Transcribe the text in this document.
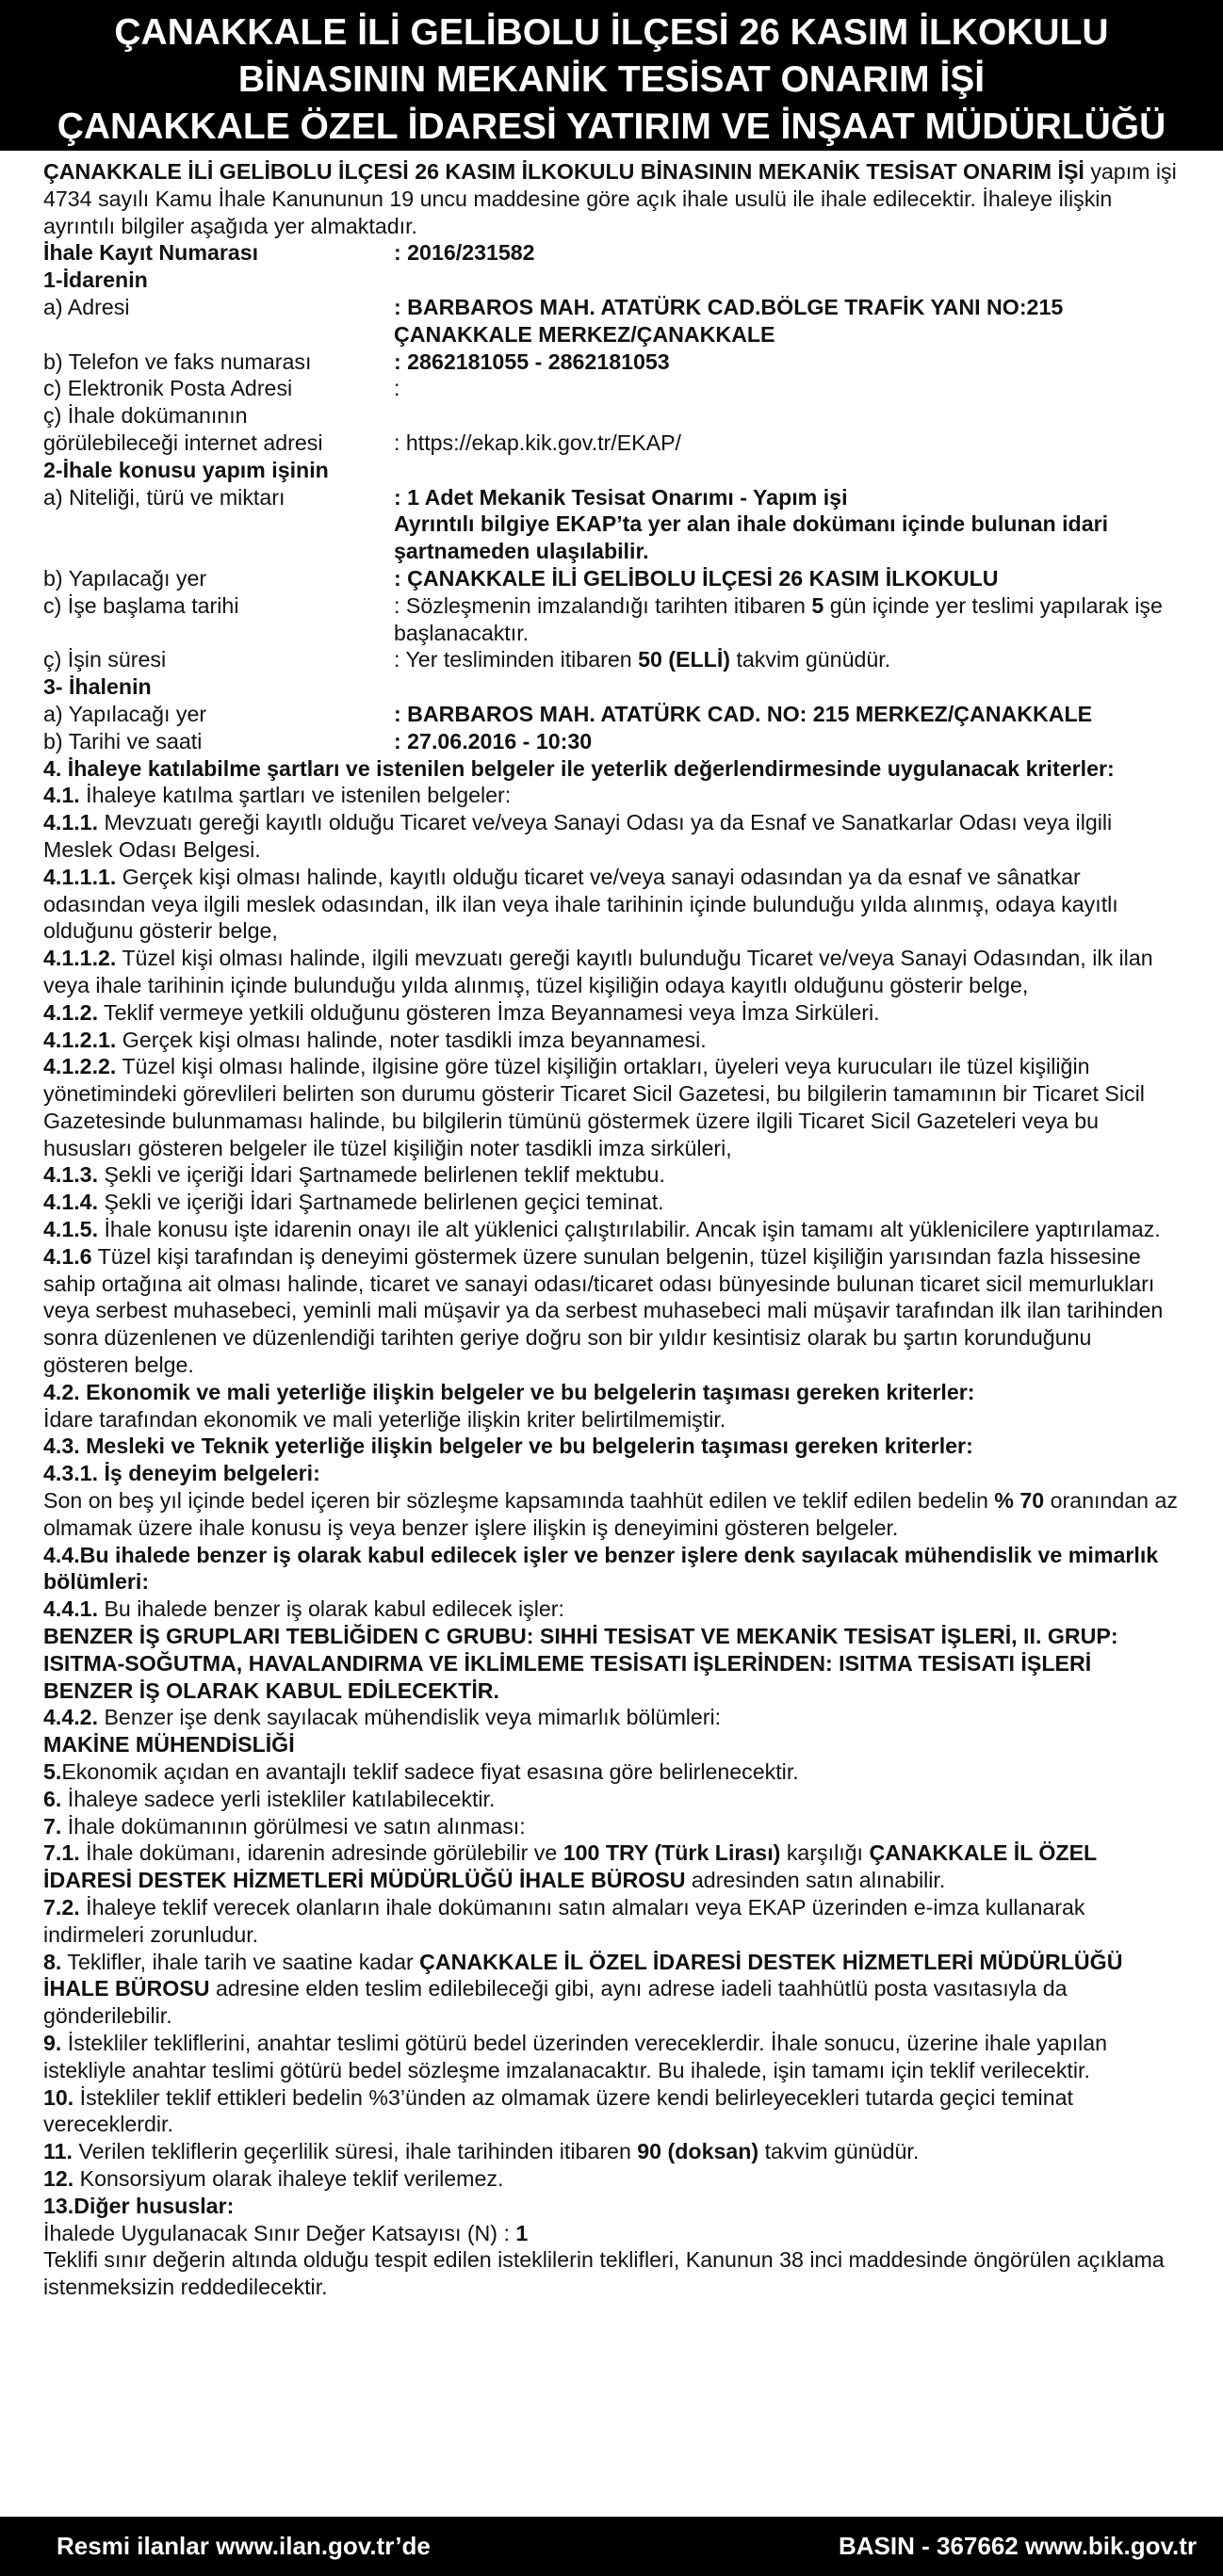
ÇANAKKALE İLİ GELİBOLU İLÇESİ 26 KASIM İLKOKULU
BİNASININ MEKANİK TESİSAT ONARIM İŞİ
ÇANAKKALE ÖZEL İDARESİ YATIRIM VE İNŞAAT MÜDÜRLÜĞÜ

ÇANAKKALE İLİ GELİBOLU İLÇESİ 26 KASIM İLKOKULU BİNASININ MEKANİK TESİSAT ONARIM İŞİ yapım işi 4734 sayılı Kamu İhale Kanununun 19 uncu maddesine göre açık ihale usulü ile ihale edilecektir. İhaleye ilişkin ayrıntılı bilgiler aşağıda yer almaktadır.

İhale Kayıt Numarası	: 2016/231582

1-İdarenin

a) Adresi	: BARBAROS MAH. ATATÜRK CAD.BÖLGE TRAFİK YANI NO:215 ÇANAKKALE MERKEZ/ÇANAKKALE
b) Telefon ve faks numarası	: 2862181055 - 2862181053
c) Elektronik Posta Adresi	:

ç) İhale dokümanının

görülebileceği internet adresi	: https://ekap.kik.gov.tr/EKAP/

2-İhale konusu yapım işinin

a) Niteliği, türü ve miktarı	: 1 Adet Mekanik Tesisat Onarımı - Yapım işi
Ayrıntılı bilgiye EKAP’ta yer alan ihale dokümanı içinde bulunan idari şartnameden ulaşılabilir.
b) Yapılacağı yer	: ÇANAKKALE İLİ GELİBOLU İLÇESİ 26 KASIM İLKOKULU
c) İşe başlama tarihi	: Sözleşmenin imzalandığı tarihten itibaren 5 gün içinde yer teslimi yapılarak işe başlanacaktır.
ç) İşin süresi	: Yer tesliminden itibaren 50 (ELLİ) takvim günüdür.

3- İhalenin

a) Yapılacağı yer	: BARBAROS MAH. ATATÜRK CAD. NO: 215 MERKEZ/ÇANAKKALE
b) Tarihi ve saati	: 27.06.2016 - 10:30

4. İhaleye katılabilme şartları ve istenilen belgeler ile yeterlik değerlendirmesinde uygulanacak kriterler:

4.1. İhaleye katılma şartları ve istenilen belgeler:

4.1.1. Mevzuatı gereği kayıtlı olduğu Ticaret ve/veya Sanayi Odası ya da Esnaf ve Sanatkarlar Odası veya ilgili Meslek Odası Belgesi.

4.1.1.1. Gerçek kişi olması halinde, kayıtlı olduğu ticaret ve/veya sanayi odasından ya da esnaf ve sânatkar odasından veya ilgili meslek odasından, ilk ilan veya ihale tarihinin içinde bulunduğu yılda alınmış, odaya kayıtlı olduğunu gösterir belge,

4.1.1.2. Tüzel kişi olması halinde, ilgili mevzuatı gereği kayıtlı bulunduğu Ticaret ve/veya Sanayi Odasından, ilk ilan veya ihale tarihinin içinde bulunduğu yılda alınmış, tüzel kişiliğin odaya kayıtlı olduğunu gösterir belge,

4.1.2. Teklif vermeye yetkili olduğunu gösteren İmza Beyannamesi veya İmza Sirküleri.

4.1.2.1. Gerçek kişi olması halinde, noter tasdikli imza beyannamesi.

4.1.2.2. Tüzel kişi olması halinde, ilgisine göre tüzel kişiliğin ortakları, üyeleri veya kurucuları ile tüzel kişiliğin yönetimindeki görevlileri belirten son durumu gösterir Ticaret Sicil Gazetesi, bu bilgilerin tamamının bir Ticaret Sicil Gazetesinde bulunmaması halinde, bu bilgilerin tümünü göstermek üzere ilgili Ticaret Sicil Gazeteleri veya bu hususları gösteren belgeler ile tüzel kişiliğin noter tasdikli imza sirküleri,

4.1.3. Şekli ve içeriği İdari Şartnamede belirlenen teklif mektubu.

4.1.4. Şekli ve içeriği İdari Şartnamede belirlenen geçici teminat.

4.1.5. İhale konusu işte idarenin onayı ile alt yüklenici çalıştırılabilir. Ancak işin tamamı alt yüklenicilere yaptırılamaz.

4.1.6 Tüzel kişi tarafından iş deneyimi göstermek üzere sunulan belgenin, tüzel kişiliğin yarısından fazla hissesine sahip ortağına ait olması halinde, ticaret ve sanayi odası/ticaret odası bünyesinde bulunan ticaret sicil memurlukları veya serbest muhasebeci, yeminli mali müşavir ya da serbest muhasebeci mali müşavir tarafından ilk ilan tarihinden sonra düzenlenen ve düzenlendiği tarihten geriye doğru son bir yıldır kesintisiz olarak bu şartın korunduğunu gösteren belge.

4.2. Ekonomik ve mali yeterliğe ilişkin belgeler ve bu belgelerin taşıması gereken kriterler:

İdare tarafından ekonomik ve mali yeterliğe ilişkin kriter belirtilmemiştir.

4.3. Mesleki ve Teknik yeterliğe ilişkin belgeler ve bu belgelerin taşıması gereken kriterler:

4.3.1. İş deneyim belgeleri:

Son on beş yıl içinde bedel içeren bir sözleşme kapsamında taahhüt edilen ve teklif edilen bedelin % 70 oranından az olmamak üzere ihale konusu iş veya benzer işlere ilişkin iş deneyimini gösteren belgeler.

4.4.Bu ihalede benzer iş olarak kabul edilecek işler ve benzer işlere denk sayılacak mühendislik ve mimarlık bölümleri:

4.4.1. Bu ihalede benzer iş olarak kabul edilecek işler:

BENZER İŞ GRUPLARI TEBLİĞİDEN C GRUBU: SIHHİ TESİSAT VE MEKANİK TESİSAT İŞLERİ, II. GRUP: ISITMA-SOĞUTMA, HAVALANDIRMA VE İKLİMLEME TESİSATI İŞLERİNDEN: ISITMA TESİSATI İŞLERİ BENZER İŞ OLARAK KABUL EDİLECEKTİR.

4.4.2. Benzer işe denk sayılacak mühendislik veya mimarlık bölümleri:

MAKİNE MÜHENDİSLİĞİ

5.Ekonomik açıdan en avantajlı teklif sadece fiyat esasına göre belirlenecektir.

6. İhaleye sadece yerli istekliler katılabilecektir.

7. İhale dokümanının görülmesi ve satın alınması:

7.1. İhale dokümanı, idarenin adresinde görülebilir ve 100 TRY (Türk Lirası) karşılığı ÇANAKKALE İL ÖZEL İDARESİ DESTEK HİZMETLERİ MÜDÜRLÜĞÜ İHALE BÜROSU adresinden satın alınabilir.

7.2. İhaleye teklif verecek olanların ihale dokümanını satın almaları veya EKAP üzerinden e-imza kullanarak indirmeleri zorunludur.

8. Teklifler, ihale tarih ve saatine kadar ÇANAKKALE İL ÖZEL İDARESİ DESTEK HİZMETLERİ MÜDÜRLÜĞÜ İHALE BÜROSU adresine elden teslim edilebileceği gibi, aynı adrese iadeli taahhütlü posta vasıtasıyla da gönderilebilir.

9. İstekliler tekliflerini, anahtar teslimi götürü bedel üzerinden vereceklerdir. İhale sonucu, üzerine ihale yapılan istekliyle anahtar teslimi götürü bedel sözleşme imzalanacaktır. Bu ihalede, işin tamamı için teklif verilecektir.

10. İstekliler teklif ettikleri bedelin %3’ünden az olmamak üzere kendi belirleyecekleri tutarda geçici teminat vereceklerdir.

11. Verilen tekliflerin geçerlilik süresi, ihale tarihinden itibaren 90 (doksan) takvim günüdür.

12. Konsorsiyum olarak ihaleye teklif verilemez.

13.Diğer hususlar:

İhalede Uygulanacak Sınır Değer Katsayısı (N) : 1

Teklifi sınır değerin altında olduğu tespit edilen isteklilerin teklifleri, Kanunun 38 inci maddesinde öngörülen açıklama istenmeksizin reddedilecektir.

Resmi ilanlar www.ilan.gov.tr’de	BASIN - 367662 www.bik.gov.tr
